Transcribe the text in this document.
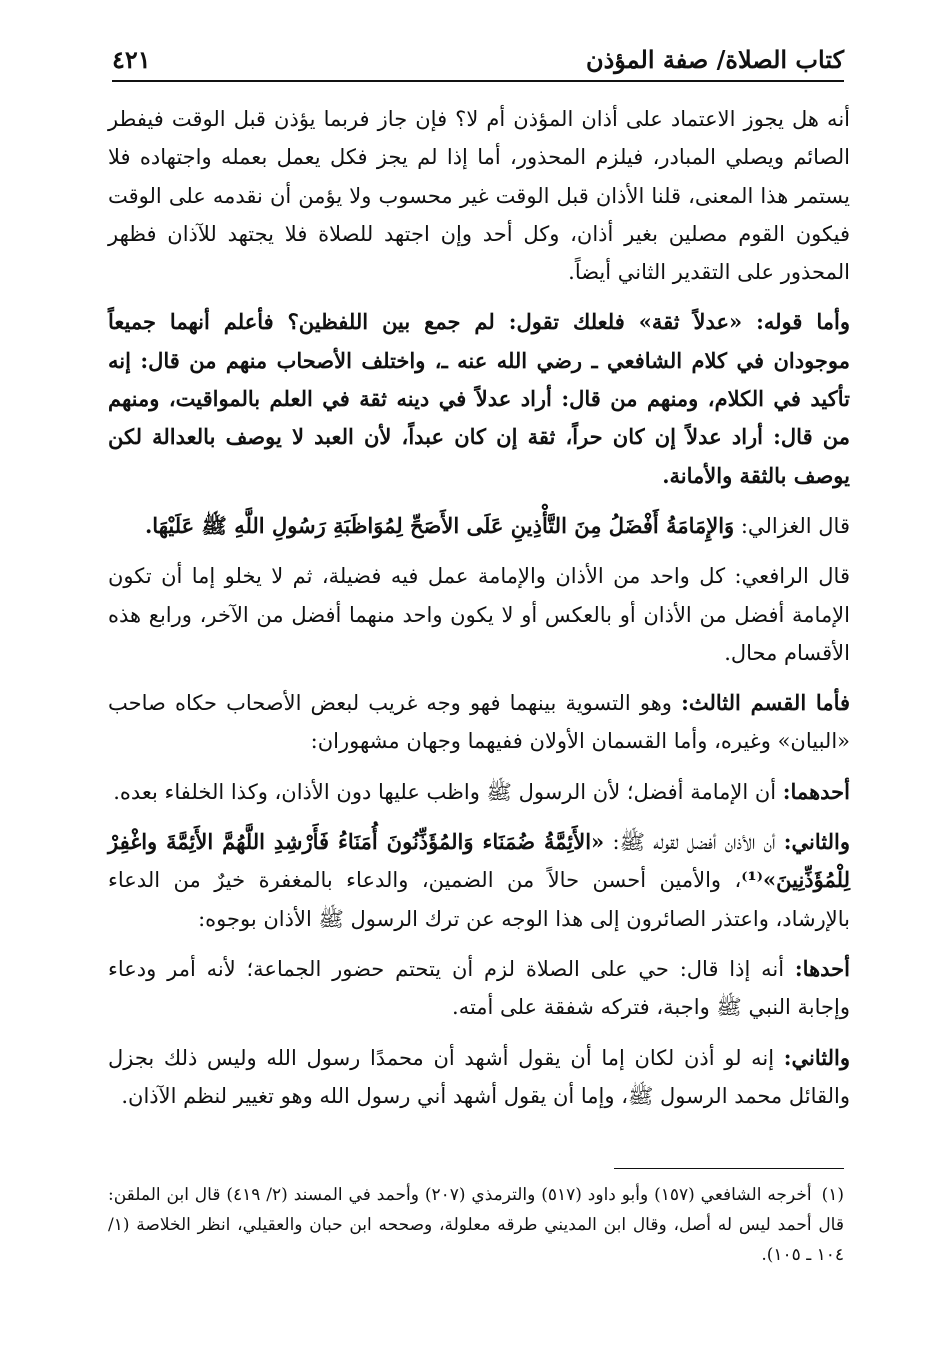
كتاب الصلاة/ صفة المؤذن
٤٢١

أنه هل يجوز الاعتماد على أذان المؤذن أم لا؟ فإن جاز فربما يؤذن قبل الوقت فيفطر الصائم ويصلي المبادر، فيلزم المحذور، أما إذا لم يجز فكل يعمل بعمله واجتهاده فلا يستمر هذا المعنى، قلنا الأذان قبل الوقت غير محسوب ولا يؤمن أن نقدمه على الوقت فيكون القوم مصلين بغير أذان، وكل أحد وإن اجتهد للصلاة فلا يجتهد للآذان فظهر المحذور على التقدير الثاني أيضاً.

وأما قوله: «عدلاً ثقة» فلعلك تقول: لم جمع بين اللفظين؟ فأعلم أنهما جميعاً موجودان في كلام الشافعي ـ رضي الله عنه ـ، واختلف الأصحاب منهم من قال: إنه تأكيد في الكلام، ومنهم من قال: أراد عدلاً في دينه ثقة في العلم بالمواقيت، ومنهم من قال: أراد عدلاً إن كان حراً، ثقة إن كان عبداً، لأن العبد لا يوصف بالعدالة لكن يوصف بالثقة والأمانة.

قال الغزالي: وَالإِمَامَةُ أَفْضَلُ مِنَ التَّأْذِينِ عَلَى الأَصَحِّ لِمُوَاظَبَةِ رَسُولِ اللَّهِ ﷺ عَلَيْهَا.

قال الرافعي: كل واحد من الأذان والإمامة عمل فيه فضيلة، ثم لا يخلو إما أن تكون الإمامة أفضل من الأذان أو بالعكس أو لا يكون واحد منهما أفضل من الآخر، ورابع هذه الأقسام محال.

فأما القسم الثالث: وهو التسوية بينهما فهو وجه غريب لبعض الأصحاب حكاه صاحب «البيان» وغيره، وأما القسمان الأولان ففيهما وجهان مشهوران:

أحدهما: أن الإمامة أفضل؛ لأن الرسول ﷺ واظب عليها دون الأذان، وكذا الخلفاء بعده.

والثاني: أن الأذان أفضل لقوله ﷺ: «الأَئِمَّةُ ضُمَنَاء وَالمُؤَذِّنُونَ أُمَنَاءُ فَأَرْشِدِ اللَّهُمَّ الأَئِمَّةَ واغْفِرْ لِلْمُؤَذِّنِينَ»⁽¹⁾، والأمين أحسن حالاً من الضمين، والدعاء بالمغفرة خيرٌ من الدعاء بالإرشاد، واعتذر الصائرون إلى هذا الوجه عن ترك الرسول ﷺ الأذان بوجوه:

أحدها: أنه إذا قال: حي على الصلاة لزم أن يتحتم حضور الجماعة؛ لأنه أمر ودعاء وإجابة النبي ﷺ واجبة، فتركه شفقة على أمته.

والثاني: إنه لو أذن لكان إما أن يقول أشهد أن محمدًا رسول الله وليس ذلك بجزل والقائل محمد الرسول ﷺ، وإما أن يقول أشهد أني رسول الله وهو تغيير لنظم الآذان.

(١)أخرجه الشافعي (١٥٧) وأبو داود (٥١٧) والترمذي (٢٠٧) وأحمد في المسند (٢/ ٤١٩) قال ابن الملقن: قال أحمد ليس له أصل، وقال ابن المديني طرقه معلولة، وصححه ابن حبان والعقيلي، انظر الخلاصة (١/ ١٠٤ ـ ١٠٥).
